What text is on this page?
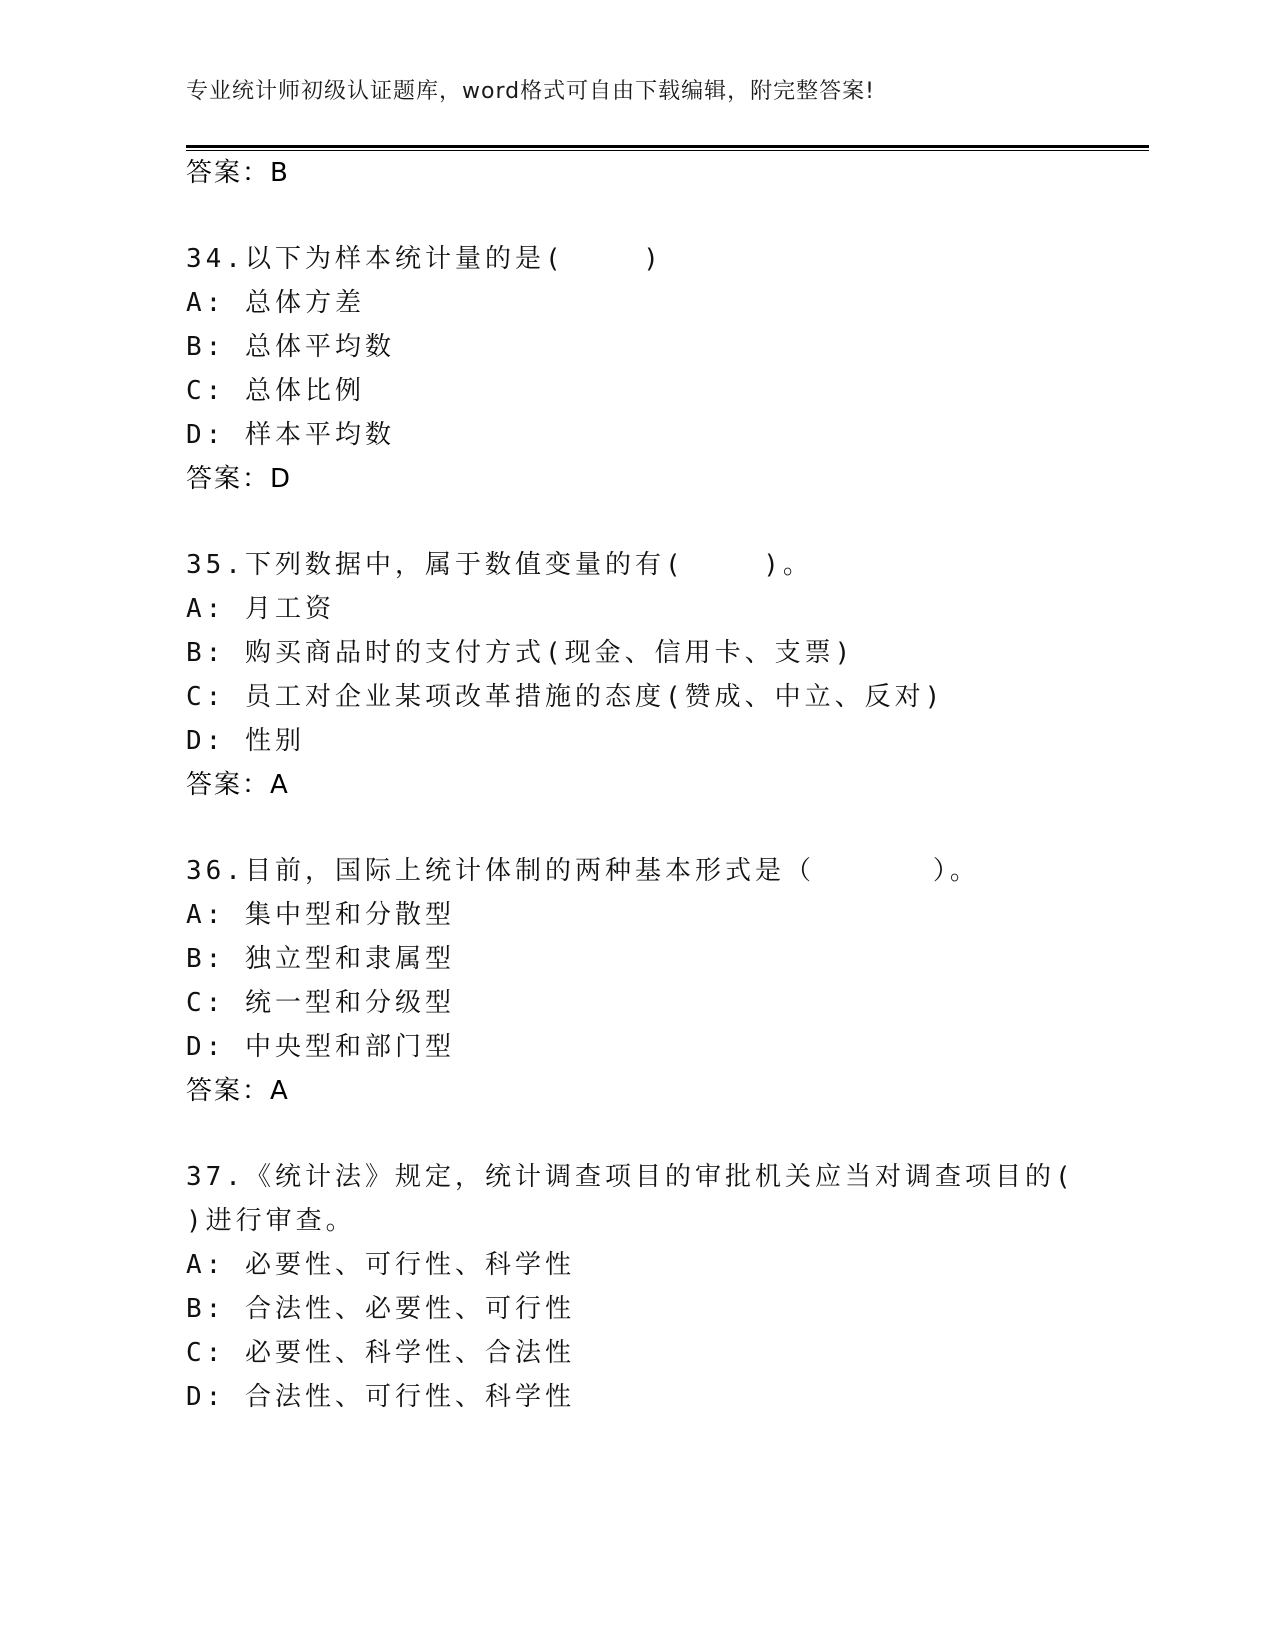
专业统计师初级认证题库，word格式可自由下载编辑，附完整答案!
答案：B
34.以下为样本统计量的是(    )
A: 总体方差
B: 总体平均数
C: 总体比例
D: 样本平均数
答案：D
35.下列数据中，属于数值变量的有(    )。
A: 月工资
B: 购买商品时的支付方式(现金、信用卡、支票)
C: 员工对企业某项改革措施的态度(赞成、中立、反对)
D: 性别
答案：A
36.目前，国际上统计体制的两种基本形式是（      ）。
A: 集中型和分散型
B: 独立型和隶属型
C: 统一型和分级型
D: 中央型和部门型
答案：A
37.《统计法》规定，统计调查项目的审批机关应当对调查项目的(
)进行审查。
A: 必要性、可行性、科学性
B: 合法性、必要性、可行性
C: 必要性、科学性、合法性
D: 合法性、可行性、科学性
